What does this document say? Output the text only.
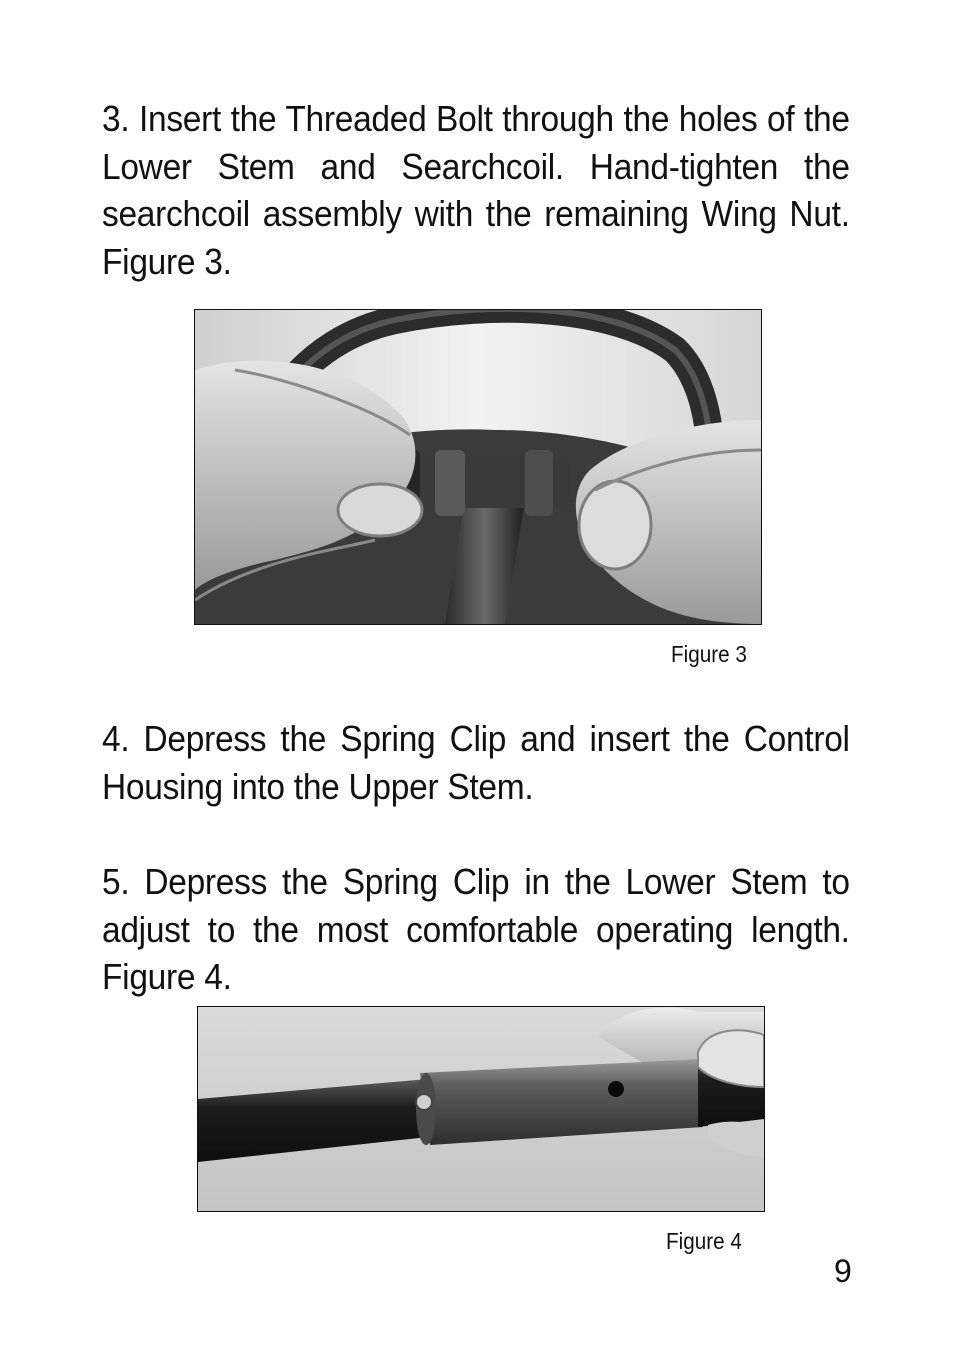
3. Insert the Threaded Bolt through the holes of the Lower Stem and Searchcoil. Hand-tighten the searchcoil assembly with the remaining Wing Nut. Figure 3.

Figure 3

4. Depress the Spring Clip and insert the Control Housing into the Upper Stem.

5. Depress the Spring Clip in the Lower Stem to adjust to the most comfortable operating length. Figure 4.

Figure 4
9
